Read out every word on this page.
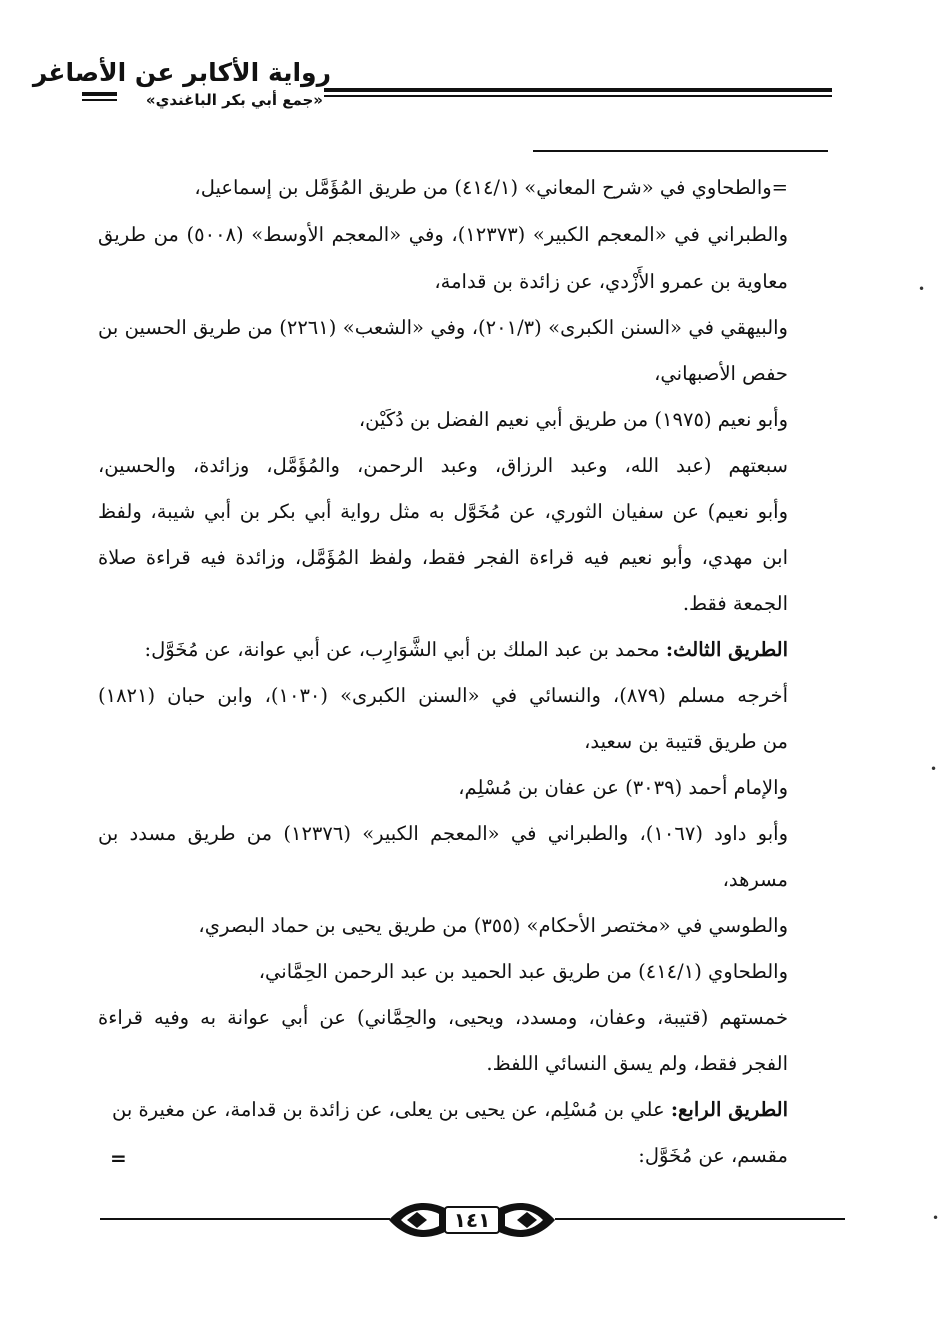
رواية الأكابر عن الأصاغر
«جمع أبي بكر الباغندي»
=والطحاوي في «شرح المعاني» (٤١٤/١) من طريق المُؤَمَّل بن إسماعيل،
والطبراني في «المعجم الكبير» (١٢٣٧٣)، وفي «المعجم الأوسط» (٥٠٠٨) من طريق
معاوية بن عمرو الأَزْدي، عن زائدة بن قدامة،
والبيهقي في «السنن الكبرى» (٢٠١/٣)، وفي «الشعب» (٢٢٦١) من طريق الحسين بن
حفص الأصبهاني،
وأبو نعيم (١٩٧٥) من طريق أبي نعيم الفضل بن دُكَيْن،
سبعتهم (عبد الله، وعبد الرزاق، وعبد الرحمن، والمُؤَمَّل، وزائدة، والحسين،
وأبو نعيم) عن سفيان الثوري، عن مُخَوَّل به مثل رواية أبي بكر بن أبي شيبة، ولفظ
ابن مهدي، وأبو نعيم فيه قراءة الفجر فقط، ولفظ المُؤَمَّل، وزائدة فيه قراءة صلاة
الجمعة فقط.
الطريق الثالث: محمد بن عبد الملك بن أبي الشَّوَارِب، عن أبي عوانة، عن مُخَوَّل:
أخرجه مسلم (٨٧٩)، والنسائي في «السنن الكبرى» (١٠٣٠)، وابن حبان (١٨٢١)
من طريق قتيبة بن سعيد،
والإمام أحمد (٣٠٣٩) عن عفان بن مُسْلِم،
وأبو داود (١٠٦٧)، والطبراني في «المعجم الكبير» (١٢٣٧٦) من طريق مسدد بن
مسرهد،
والطوسي في «مختصر الأحكام» (٣٥٥) من طريق يحيى بن حماد البصري،
والطحاوي (٤١٤/١) من طريق عبد الحميد بن عبد الرحمن الحِمَّاني،
خمستهم (قتيبة، وعفان، ومسدد، ويحيى، والحِمَّاني) عن أبي عوانة به وفيه قراءة
الفجر فقط، ولم يسق النسائي اللفظ.
الطريق الرابع: علي بن مُسْلِم، عن يحيى بن يعلى، عن زائدة بن قدامة، عن مغيرة بن
مقسم، عن مُخَوَّل:
=
١٤١
•
•
•
